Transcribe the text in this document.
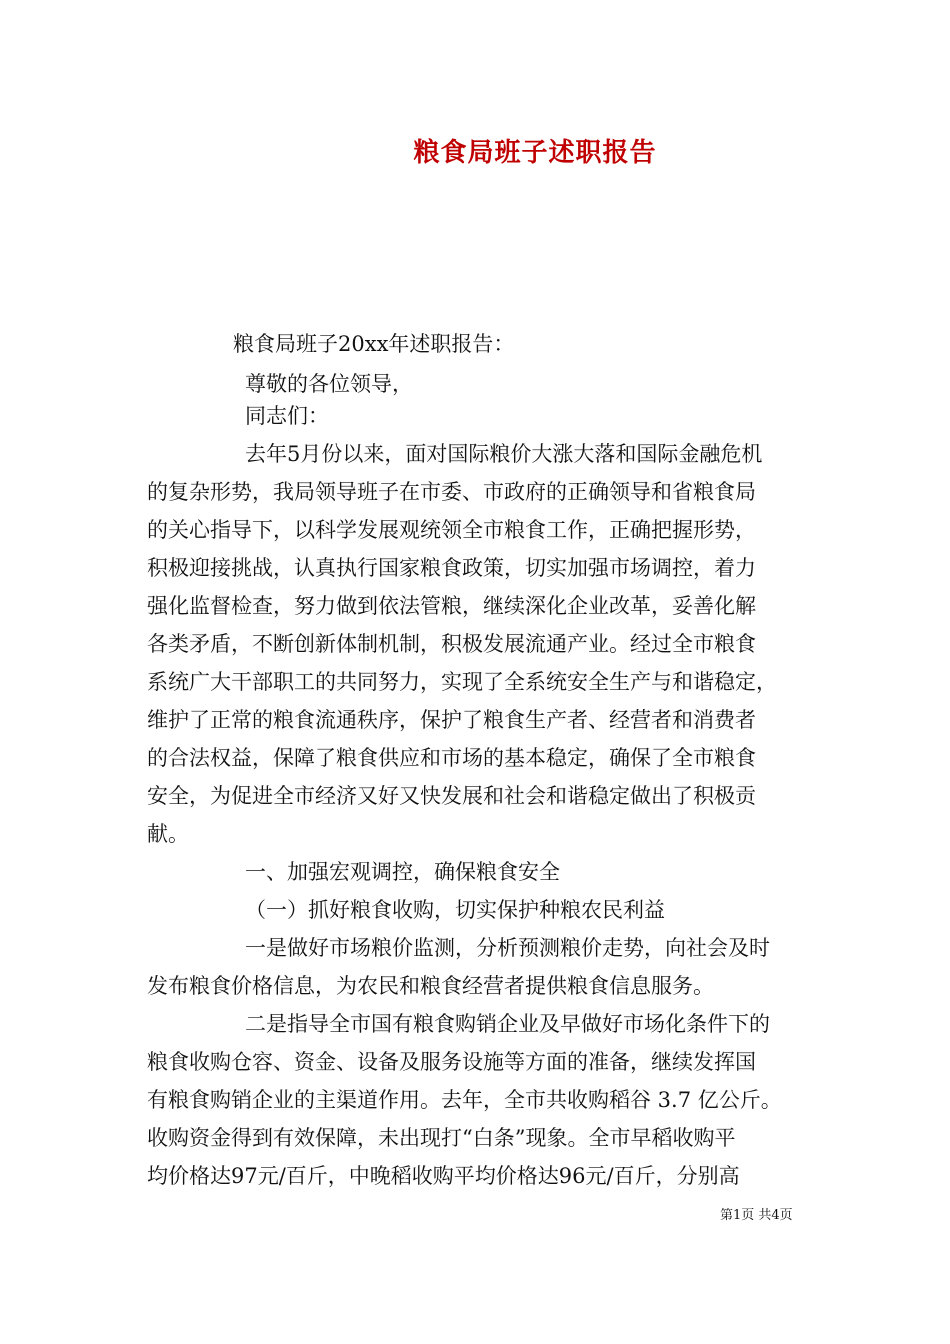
粮食局班子述职报告
粮食局班子20xx年述职报告：
尊敬的各位领导，
同志们：
去年5月份以来，面对国际粮价大涨大落和国际金融危机
的复杂形势，我局领导班子在市委、市政府的正确领导和省粮食局
的关心指导下，以科学发展观统领全市粮食工作，正确把握形势，
积极迎接挑战，认真执行国家粮食政策，切实加强市场调控，着力
强化监督检查，努力做到依法管粮，继续深化企业改革，妥善化解
各类矛盾，不断创新体制机制，积极发展流通产业。经过全市粮食
系统广大干部职工的共同努力，实现了全系统安全生产与和谐稳定，
维护了正常的粮食流通秩序，保护了粮食生产者、经营者和消费者
的合法权益，保障了粮食供应和市场的基本稳定，确保了全市粮食
安全，为促进全市经济又好又快发展和社会和谐稳定做出了积极贡
献。
一、加强宏观调控，确保粮食安全
（一）抓好粮食收购，切实保护种粮农民利益
一是做好市场粮价监测，分析预测粮价走势，向社会及时
发布粮食价格信息，为农民和粮食经营者提供粮食信息服务。
二是指导全市国有粮食购销企业及早做好市场化条件下的
粮食收购仓容、资金、设备及服务设施等方面的准备，继续发挥国
有粮食购销企业的主渠道作用。去年，全市共收购稻谷 3.7 亿公斤。
收购资金得到有效保障，未出现打“白条”现象。全市早稻收购平
均价格达97元/百斤，中晚稻收购平均价格达96元/百斤，分别高
第1页 共4页
